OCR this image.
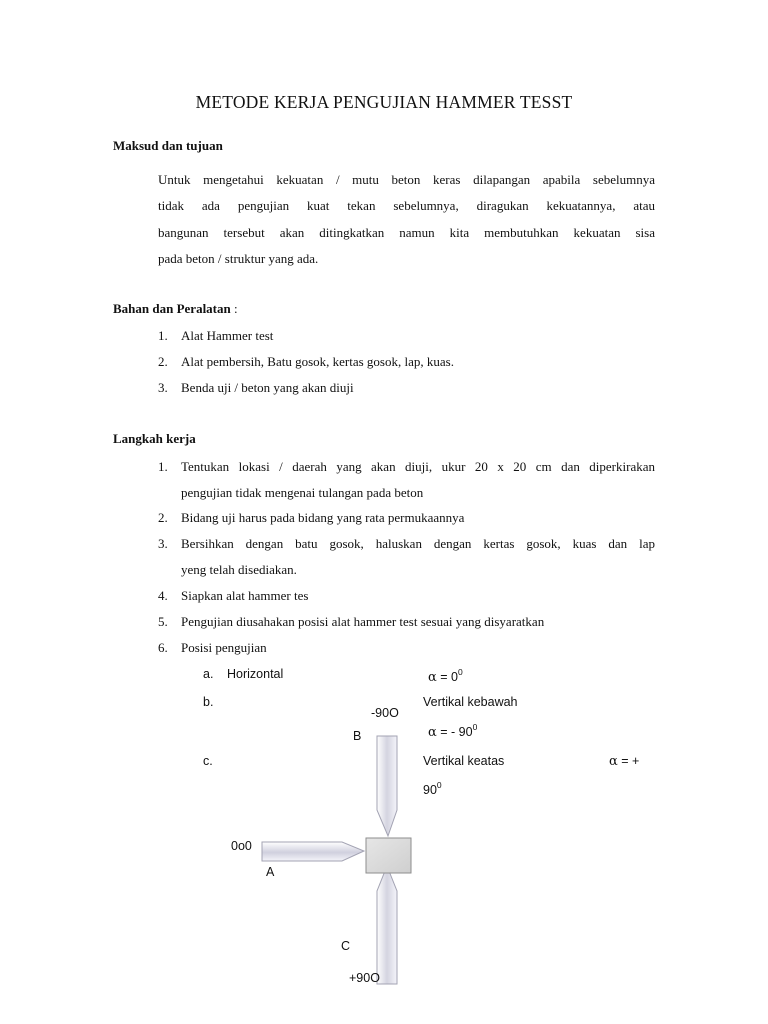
METODE KERJA PENGUJIAN HAMMER TESST
Maksud dan tujuan
Untuk mengetahui kekuatan / mutu beton keras dilapangan apabila sebelumnya
tidak ada pengujian kuat tekan sebelumnya, diragukan kekuatannya, atau
bangunan tersebut akan ditingkatkan namun kita membutuhkan kekuatan sisa
pada beton / struktur yang ada.
Bahan dan Peralatan :
1. Alat Hammer test
2. Alat pembersih, Batu gosok, kertas gosok, lap, kuas.
3. Benda uji / beton yang akan diuji
Langkah kerja
1. Tentukan lokasi / daerah yang akan diuji, ukur 20 x 20 cm dan diperkirakan
pengujian tidak mengenai tulangan pada beton
2. Bidang uji harus pada bidang yang rata permukaannya
3. Bersihkan dengan batu gosok, haluskan dengan kertas gosok, kuas dan lap
yeng telah disediakan.
4. Siapkan alat hammer tes
5. Pengujian diusahakan posisi alat hammer test sesuai yang disyaratkan
6. Posisi pengujian
a. Horizontal	$\alpha = 0^0$
b.	Vertikal kebawah
α = - $90^0$
c.	Vertikal keatas	α = +
$90^0$
-90O
B
0o0
A
C
+90O
